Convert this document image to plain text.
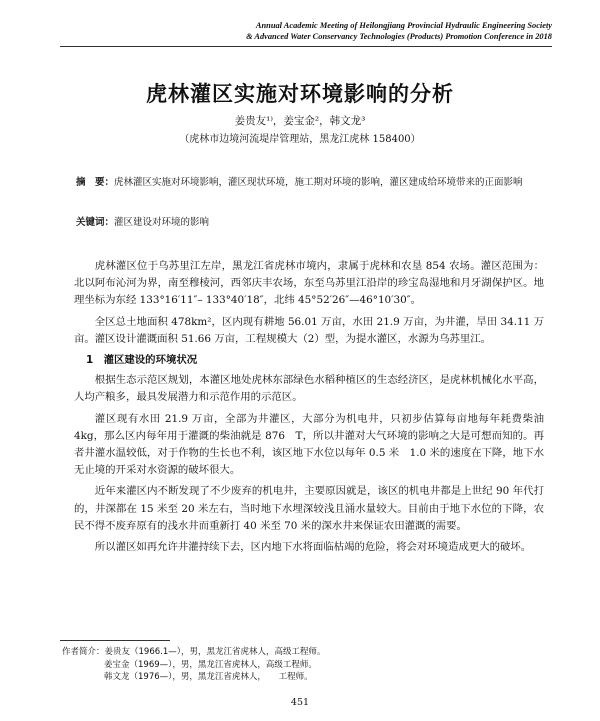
Annual Academic Meeting of Heilongjiang Provincial Hydraulic Engineering Society
& Advanced Water Conservancy Technologies (Products) Promotion Conference in 2018
虎林灌区实施对环境影响的分析
姜贵友¹⁾，姜宝金²，韩文龙³
（虎林市边境河流堤岸管理站，黑龙江虎林 158400）
摘　要：虎林灌区实施对环境影响，灌区现状环境，施工期对环境的影响，灌区建成给环境带来的正面影响
关键词：灌区建设对环境的影响

虎林灌区位于乌苏里江左岸，黑龙江省虎林市境内，隶属于虎林和农垦 854 农场。灌区范围为：北以阿布沁河为界，南至穆棱河，西邻庆丰农场，东至乌苏里江沿岸的珍宝岛湿地和月牙湖保护区。地理坐标为东经 133°16′11″– 133°40′18″，北纬 45°52′26″—46°10′30″。

全区总土地面积 478km²，区内现有耕地 56.01 万亩，水田 21.9 万亩，为井灌，旱田 34.11 万亩。灌区设计灌溉面积 51.66 万亩，工程规模大（2）型，为提水灌区，水源为乌苏里江。

1　灌区建设的环境状况

根据生态示范区规划，本灌区地处虎林东部绿色水稻种植区的生态经济区，是虎林机械化水平高，人均产粮多，最具发展潜力和示范作用的示范区。

灌区现有水田 21.9 万亩，全部为井灌区，大部分为机电井，只初步估算每亩地每年耗费柴油 4kg，那么区内每年用于灌溉的柴油就是 876　T，所以井灌对大气环境的影响之大是可想而知的。再者井灌水温较低，对于作物的生长也不利，该区地下水位以每年 0.5 米　1.0 米的速度在下降，地下水无止境的开采对水资源的破坏很大。

近年来灌区内不断发现了不少废弃的机电井，主要原因就是，该区的机电井都是上世纪 90 年代打的，井深都在 15 米至 20 米左右，当时地下水埋深较浅且涌水量较大。目前由于地下水位的下降，农民不得不废弃原有的浅水井而重新打 40 米至 70 米的深水井来保证农田灌溉的需要。

所以灌区如再允许井灌持续下去，区内地下水将面临枯竭的危险，将会对环境造成更大的破坏。

作者简介：姜贵友（1966.1—），男，黑龙江省虎林人，高级工程师。
姜宝金（1969—），男，黑龙江省虎林人，高级工程师。
韩文龙（1976—），男，黑龙江省虎林人，　　工程师。
451
